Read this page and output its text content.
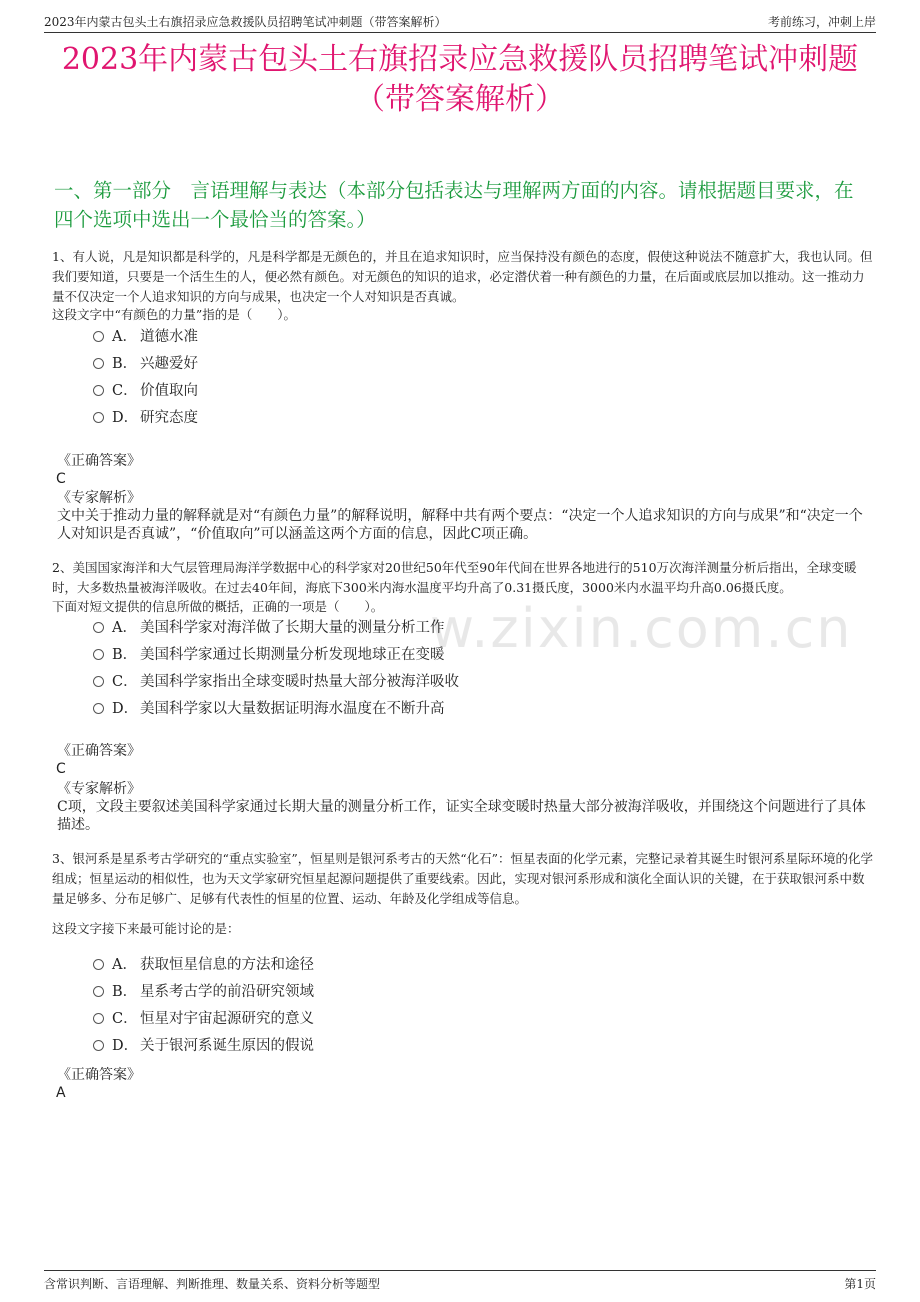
2023年内蒙古包头土右旗招录应急救援队员招聘笔试冲刺题（带答案解析）	考前练习，冲刺上岸
2023年内蒙古包头土右旗招录应急救援队员招聘笔试冲刺题
（带答案解析）
一、第一部分　言语理解与表达（本部分包括表达与理解两方面的内容。请根据题目要求，在四个选项中选出一个最恰当的答案。）
w.zixin.com.cn
1、有人说，凡是知识都是科学的，凡是科学都是无颜色的，并且在追求知识时，应当保持没有颜色的态度，假使这种说法不随意扩大，我也认同。但我们要知道，只要是一个活生生的人，便必然有颜色。对无颜色的知识的追求，必定潜伏着一种有颜色的力量，在后面或底层加以推动。这一推动力量不仅决定一个人追求知识的方向与成果，也决定一个人对知识是否真诚。
这段文字中“有颜色的力量”指的是（　　）。
A． 道德水准
B． 兴趣爱好
C． 价值取向
D． 研究态度
《正确答案》
C
《专家解析》
文中关于推动力量的解释就是对“有颜色力量”的解释说明，解释中共有两个要点：“决定一个人追求知识的方向与成果”和“决定一个人对知识是否真诚”，“价值取向”可以涵盖这两个方面的信息，因此C项正确。
2、美国国家海洋和大气层管理局海洋学数据中心的科学家对20世纪50年代至90年代间在世界各地进行的510万次海洋测量分析后指出，全球变暖时，大多数热量被海洋吸收。在过去40年间，海底下300米内海水温度平均升高了0.31摄氏度，3000米内水温平均升高0.06摄氏度。
下面对短文提供的信息所做的概括，正确的一项是（　　）。
A． 美国科学家对海洋做了长期大量的测量分析工作
B． 美国科学家通过长期测量分析发现地球正在变暖
C． 美国科学家指出全球变暖时热量大部分被海洋吸收
D． 美国科学家以大量数据证明海水温度在不断升高
《正确答案》
C
《专家解析》
C项，文段主要叙述美国科学家通过长期大量的测量分析工作，证实全球变暖时热量大部分被海洋吸收，并围绕这个问题进行了具体描述。
3、银河系是星系考古学研究的“重点实验室”，恒星则是银河系考古的天然“化石”：恒星表面的化学元素，完整记录着其诞生时银河系星际环境的化学组成；恒星运动的相似性，也为天文学家研究恒星起源问题提供了重要线索。因此，实现对银河系形成和演化全面认识的关键，在于获取银河系中数量足够多、分布足够广、足够有代表性的恒星的位置、运动、年龄及化学组成等信息。
这段文字接下来最可能讨论的是：
A． 获取恒星信息的方法和途径
B． 星系考古学的前沿研究领域
C． 恒星对宇宙起源研究的意义
D． 关于银河系诞生原因的假说
《正确答案》
A
含常识判断、言语理解、判断推理、数量关系、资料分析等题型	第1页
